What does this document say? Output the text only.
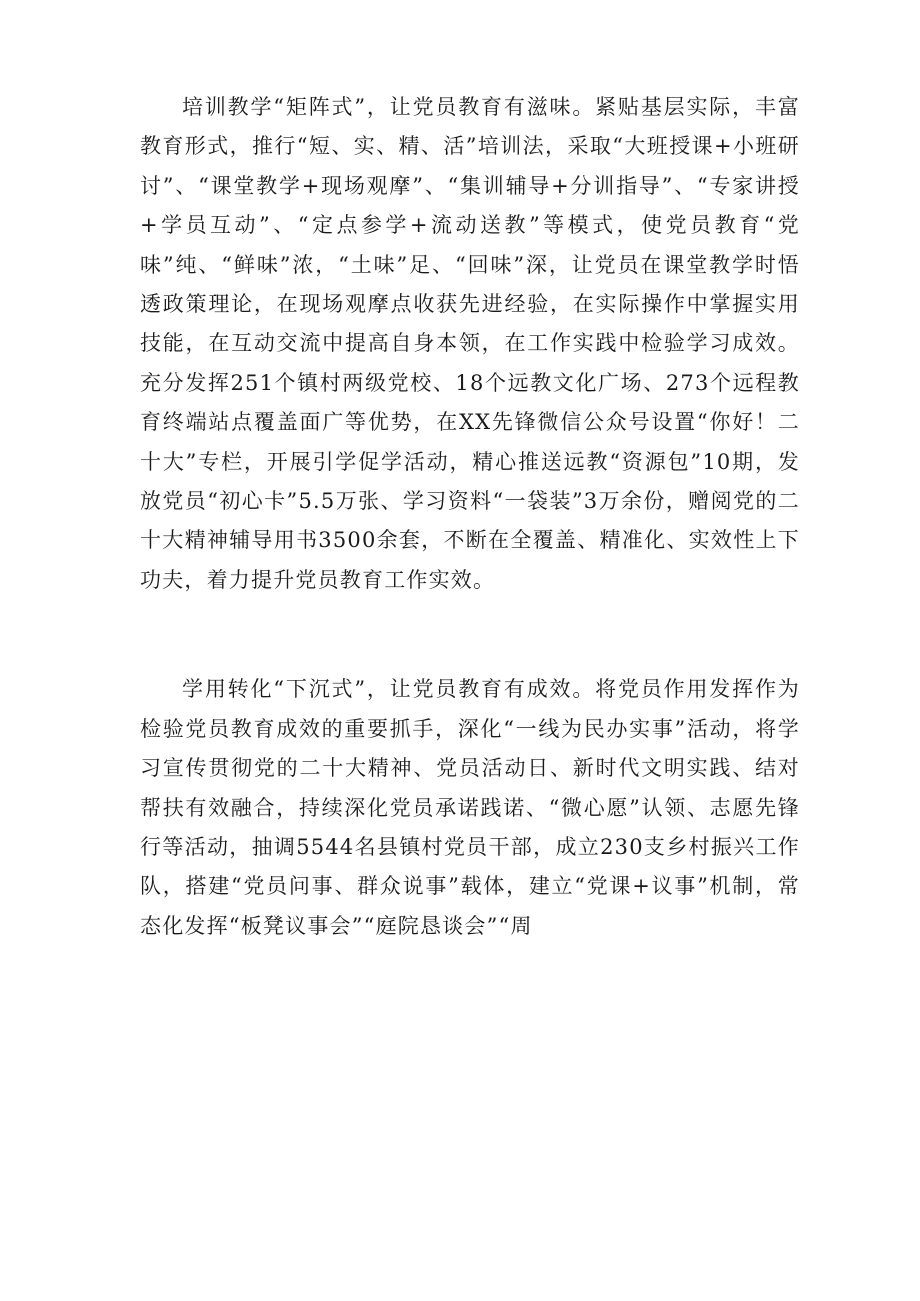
培训教学“矩阵式”，让党员教育有滋味。紧贴基层实际，丰富教育形式，推行“短、实、精、活”培训法，采取“大班授课+小班研讨”、“课堂教学+现场观摩”、“集训辅导+分训指导”、“专家讲授+学员互动”、“定点参学+流动送教”等模式，使党员教育“党味”纯、“鲜味”浓，“土味”足、“回味”深，让党员在课堂教学时悟透政策理论，在现场观摩点收获先进经验，在实际操作中掌握实用技能，在互动交流中提高自身本领，在工作实践中检验学习成效。充分发挥251个镇村两级党校、18个远教文化广场、273个远程教育终端站点覆盖面广等优势，在XX先锋微信公众号设置“你好！二十大”专栏，开展引学促学活动，精心推送远教“资源包”10期，发放党员“初心卡”5.5万张、学习资料“一袋装”3万余份，赠阅党的二十大精神辅导用书3500余套，不断在全覆盖、精准化、实效性上下功夫，着力提升党员教育工作实效。

学用转化“下沉式”，让党员教育有成效。将党员作用发挥作为检验党员教育成效的重要抓手，深化“一线为民办实事”活动，将学习宣传贯彻党的二十大精神、党员活动日、新时代文明实践、结对帮扶有效融合，持续深化党员承诺践诺、“微心愿”认领、志愿先锋行等活动，抽调5544名县镇村党员干部，成立230支乡村振兴工作队，搭建“党员问事、群众说事”载体，建立“党课+议事”机制，常态化发挥“板凳议事会”“庭院恳谈会”“周
